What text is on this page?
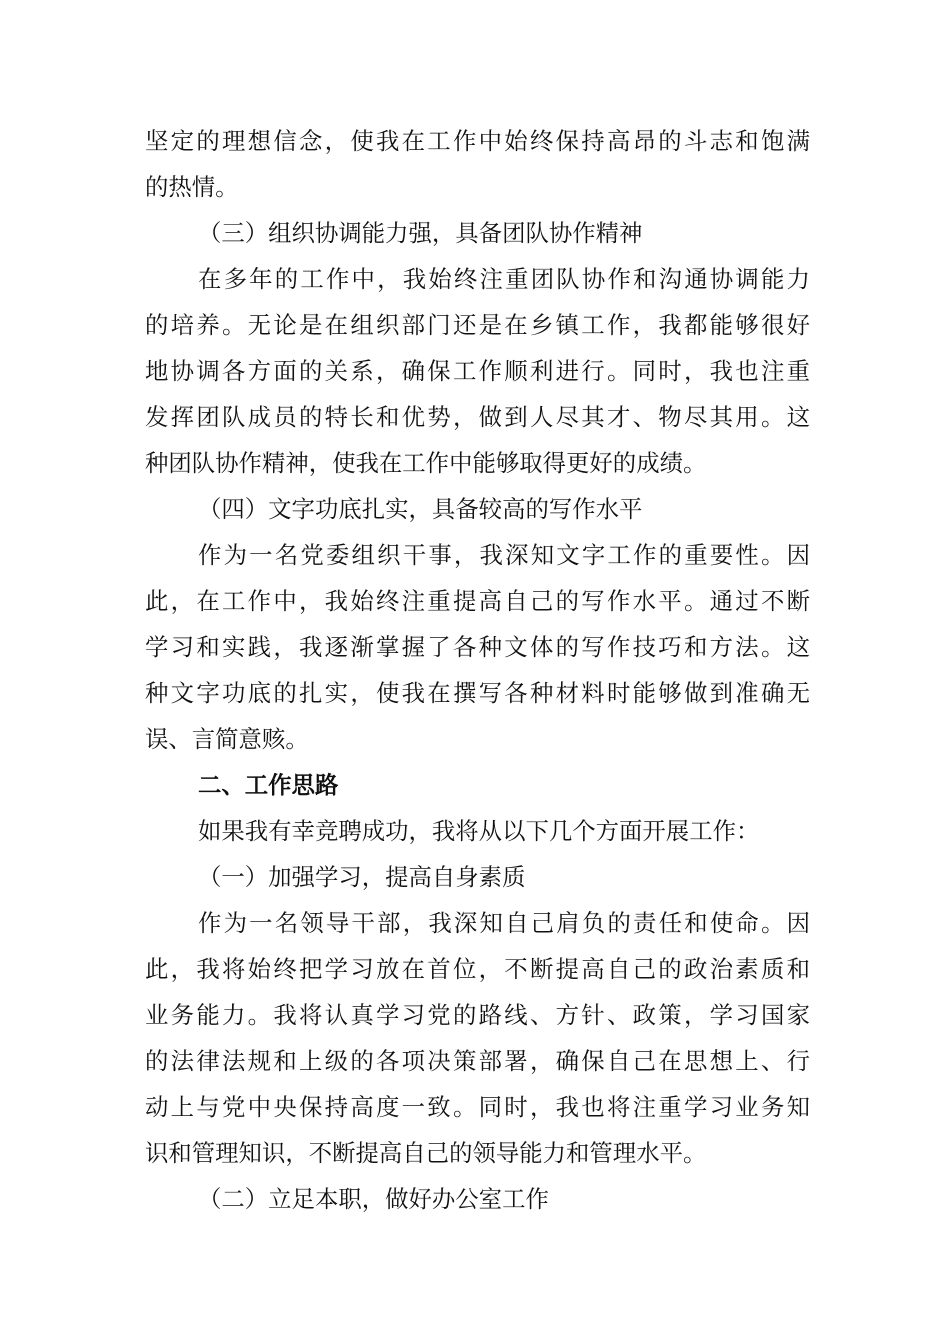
坚定的理想信念，使我在工作中始终保持高昂的斗志和饱满
的热情。
（三）组织协调能力强，具备团队协作精神
在多年的工作中，我始终注重团队协作和沟通协调能力
的培养。无论是在组织部门还是在乡镇工作，我都能够很好
地协调各方面的关系，确保工作顺利进行。同时，我也注重
发挥团队成员的特长和优势，做到人尽其才、物尽其用。这
种团队协作精神，使我在工作中能够取得更好的成绩。
（四）文字功底扎实，具备较高的写作水平
作为一名党委组织干事，我深知文字工作的重要性。因
此，在工作中，我始终注重提高自己的写作水平。通过不断
学习和实践，我逐渐掌握了各种文体的写作技巧和方法。这
种文字功底的扎实，使我在撰写各种材料时能够做到准确无
误、言简意赅。
二、工作思路
如果我有幸竞聘成功，我将从以下几个方面开展工作：
（一）加强学习，提高自身素质
作为一名领导干部，我深知自己肩负的责任和使命。因
此，我将始终把学习放在首位，不断提高自己的政治素质和
业务能力。我将认真学习党的路线、方针、政策，学习国家
的法律法规和上级的各项决策部署，确保自己在思想上、行
动上与党中央保持高度一致。同时，我也将注重学习业务知
识和管理知识，不断提高自己的领导能力和管理水平。
（二）立足本职，做好办公室工作
